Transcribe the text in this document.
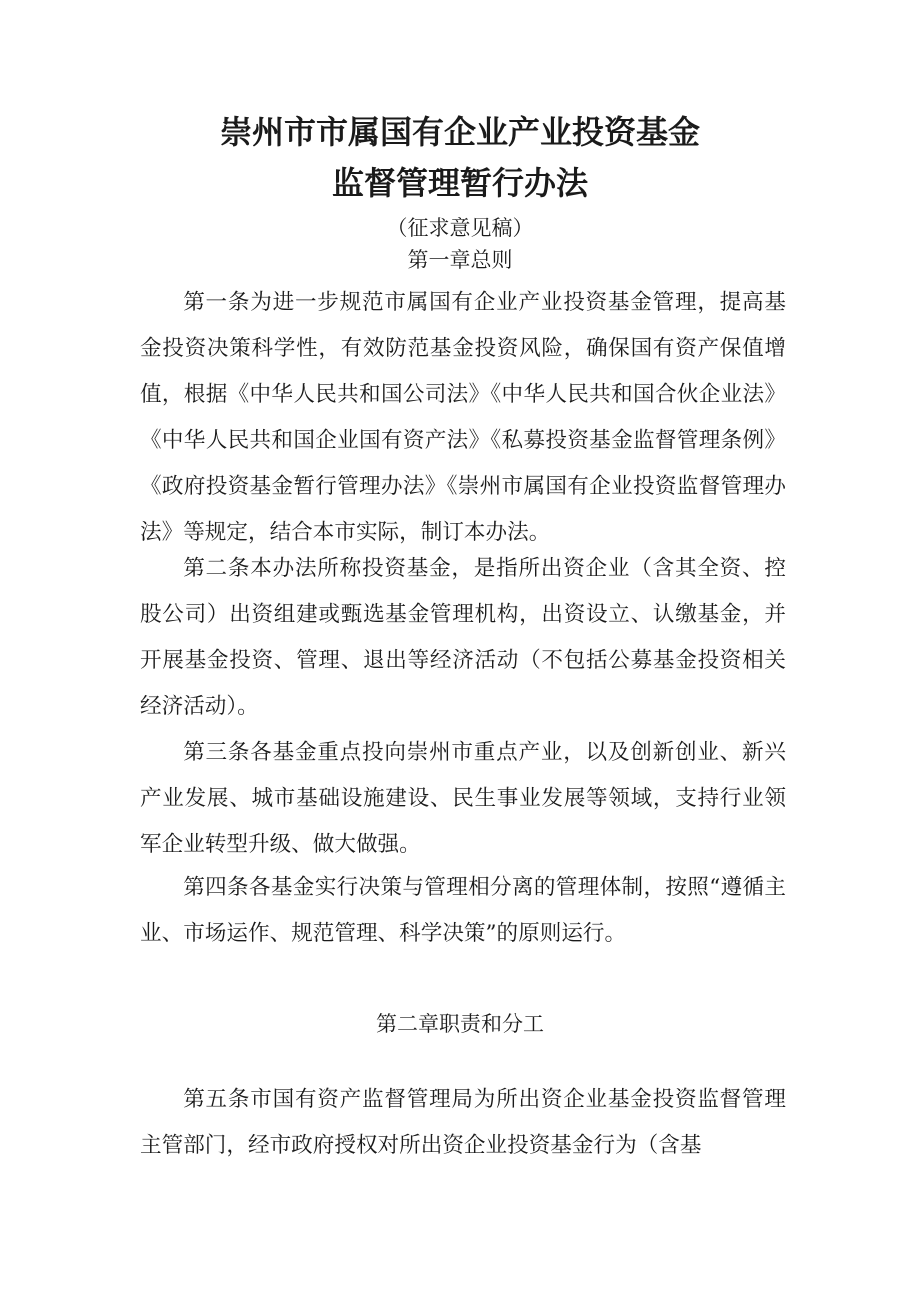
崇州市市属国有企业产业投资基金
监督管理暂行办法
（征求意见稿）
第一章总则

第一条为进一步规范市属国有企业产业投资基金管理，提高基金投资决策科学性，有效防范基金投资风险，确保国有资产保值增值，根据《中华人民共和国公司法》《中华人民共和国合伙企业法》《中华人民共和国企业国有资产法》《私募投资基金监督管理条例》《政府投资基金暂行管理办法》《崇州市属国有企业投资监督管理办法》等规定，结合本市实际，制订本办法。

第二条本办法所称投资基金，是指所出资企业（含其全资、控股公司）出资组建或甄选基金管理机构，出资设立、认缴基金，并开展基金投资、管理、退出等经济活动（不包括公募基金投资相关经济活动）。

第三条各基金重点投向崇州市重点产业，以及创新创业、新兴产业发展、城市基础设施建设、民生事业发展等领域，支持行业领军企业转型升级、做大做强。

第四条各基金实行决策与管理相分离的管理体制，按照“遵循主业、市场运作、规范管理、科学决策”的原则运行。

第二章职责和分工

第五条市国有资产监督管理局为所出资企业基金投资监督管理主管部门，经市政府授权对所出资企业投资基金行为（含基
